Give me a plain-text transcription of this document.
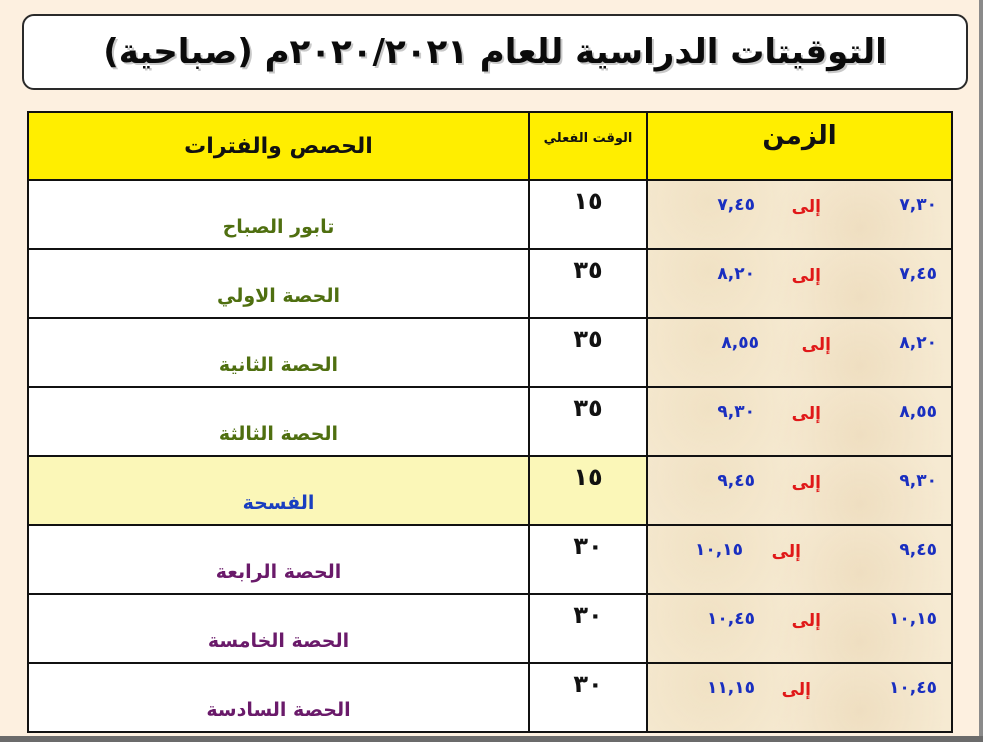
التوقيتات الدراسية للعام ٢٠٢٠/٢٠٢١م (صباحية)
الزمن	الوقت الفعلي	الحصص والفترات

٧,٣٠
إلى
٧,٤٥	١٥	تابور الصباح

٧,٤٥
إلى
٨,٢٠	٣٥	الحصة الاولي

٨,٢٠
إلى
٨,٥٥	٣٥	الحصة الثانية

٨,٥٥
إلى
٩,٣٠	٣٥	الحصة الثالثة

٩,٣٠
إلى
٩,٤٥	١٥	الفسحة

٩,٤٥
إلى
١٠,١٥	٣٠	الحصة الرابعة

١٠,١٥
إلى
١٠,٤٥	٣٠	الحصة الخامسة

١٠,٤٥
إلى
١١,١٥	٣٠	الحصة السادسة
